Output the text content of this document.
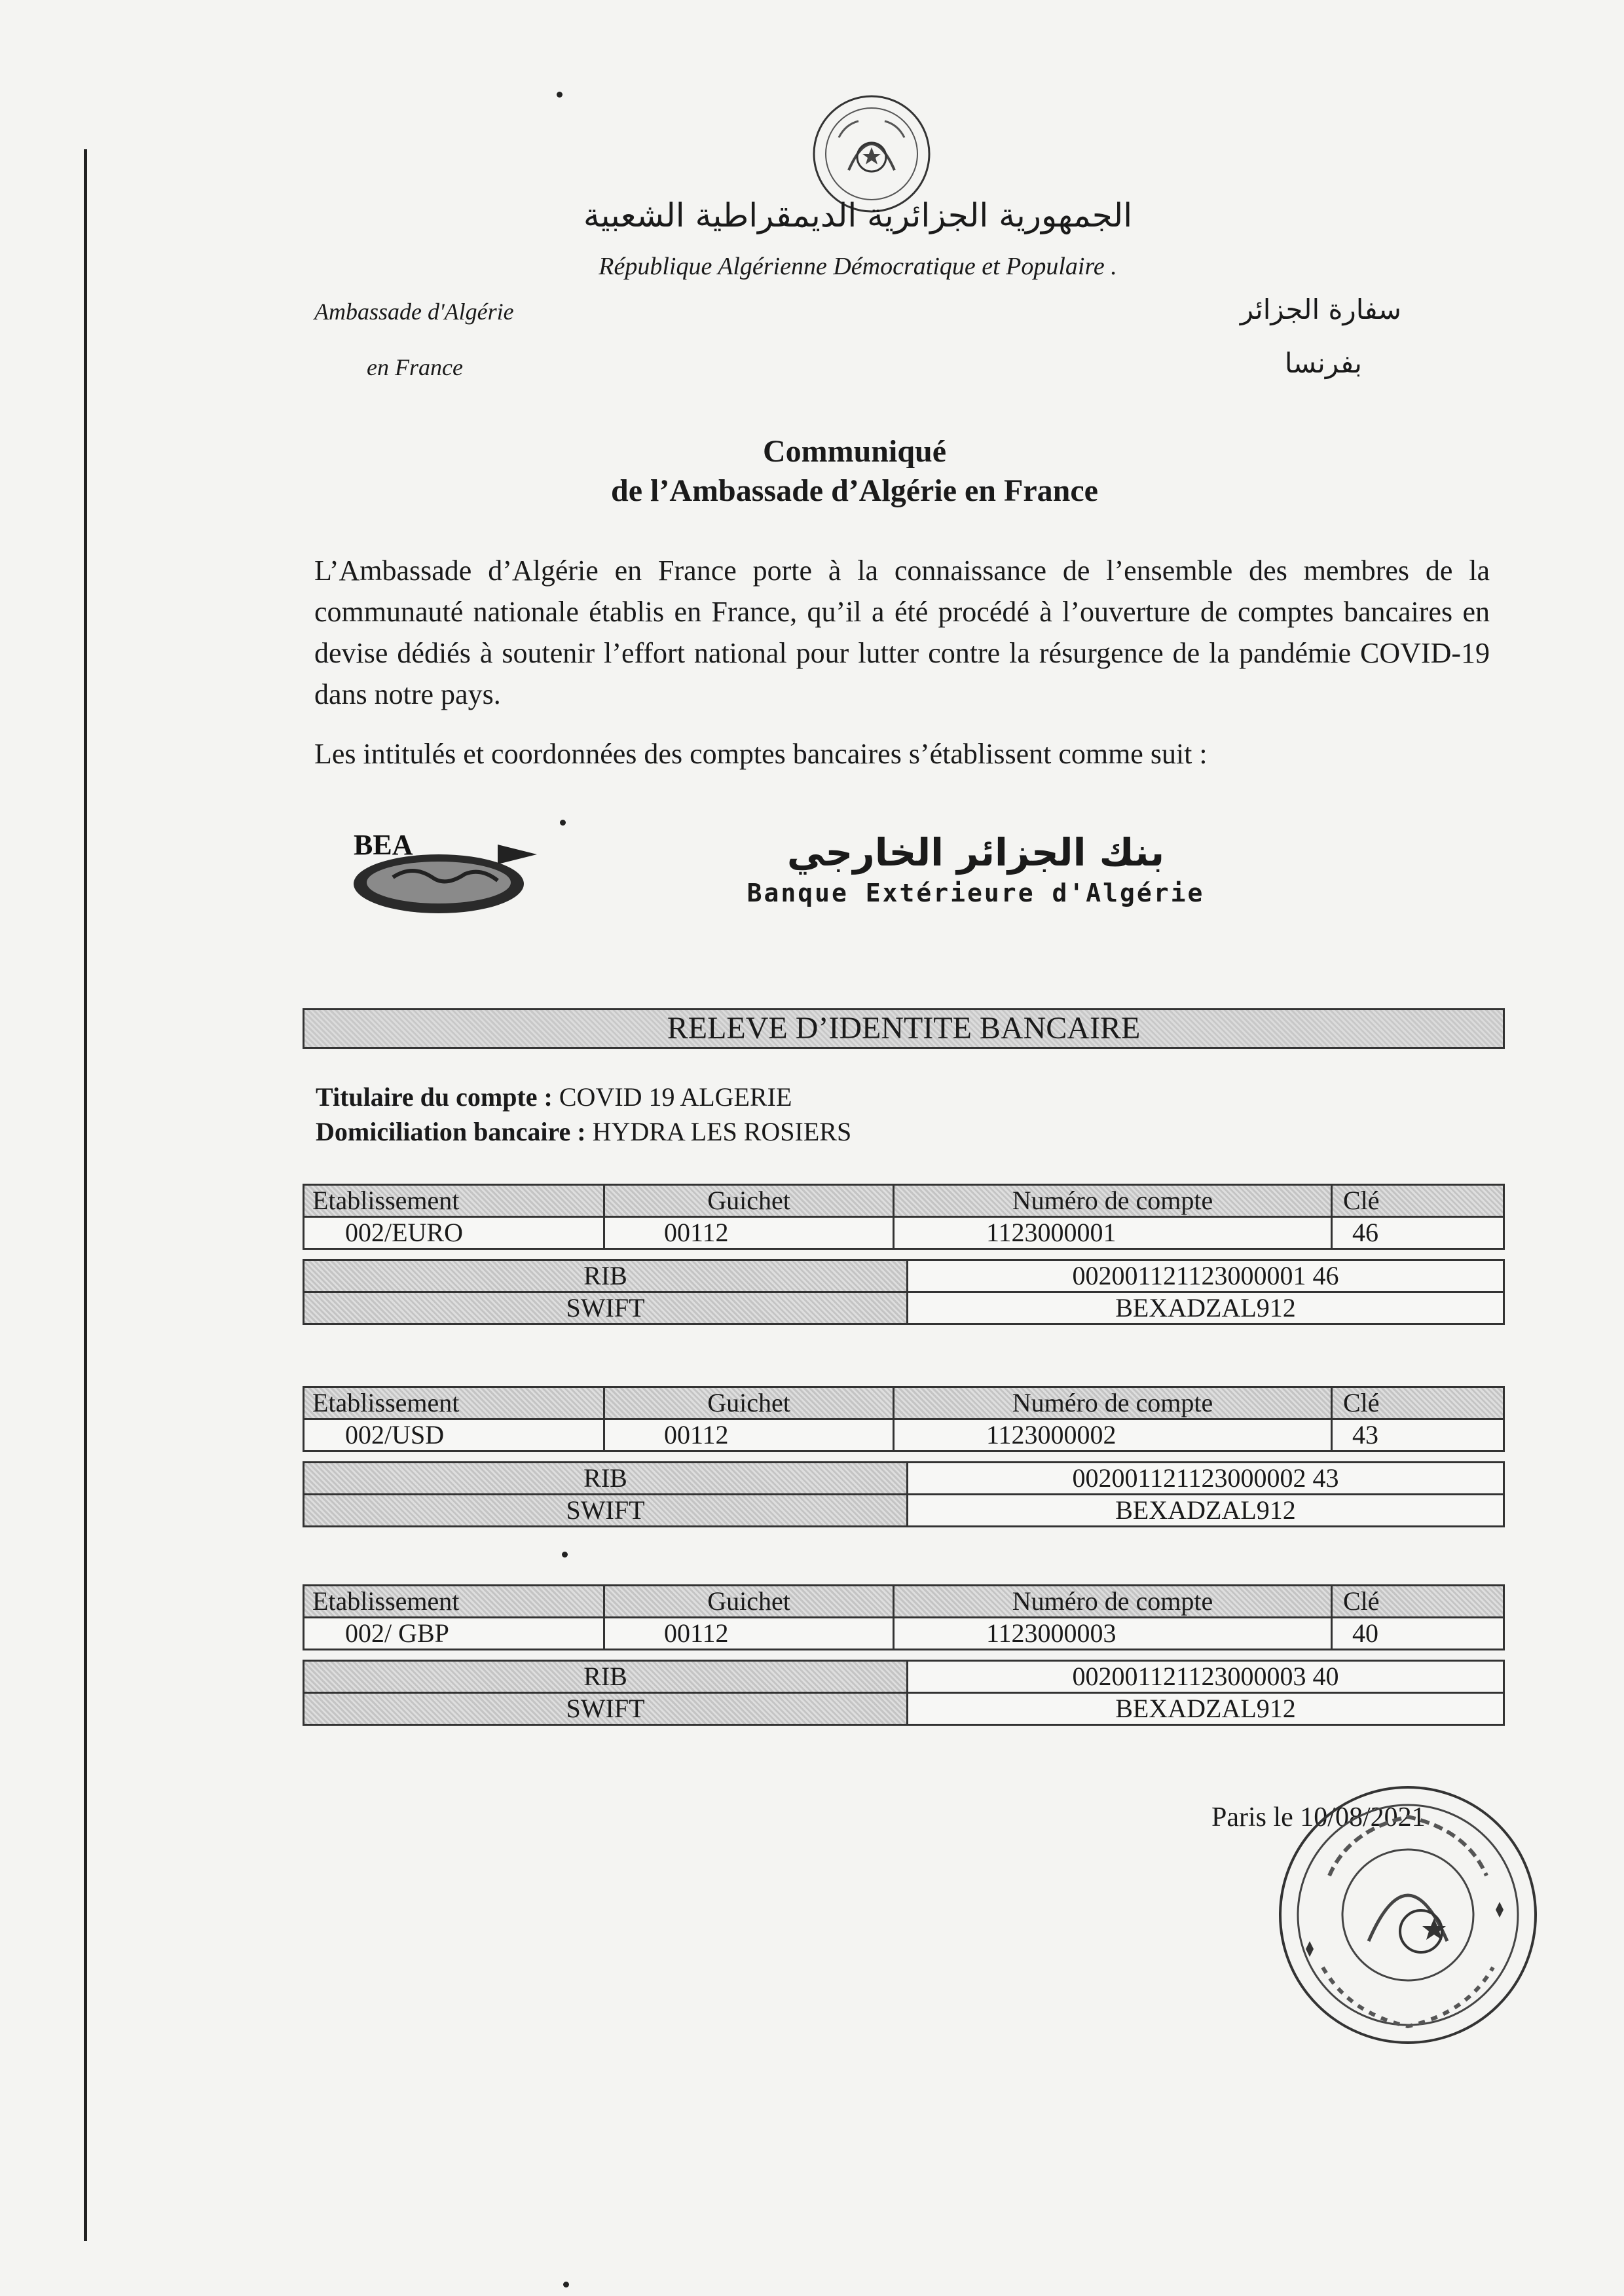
الجمهورية الجزائرية الديمقراطية الشعبية
République Algérienne Démocratique et Populaire .
Ambassade d'Algérie
en France
سفارة الجزائر
بفرنسا
Communiqué
de l’Ambassade d’Algérie en France
L’Ambassade d’Algérie en France porte à la connaissance de l’ensemble des membres de la communauté nationale établis en France, qu’il a été procédé à l’ouverture de comptes bancaires en devise dédiés à soutenir l’effort national pour lutter contre la résurgence de la pandémie COVID-19 dans notre pays.
Les intitulés et coordonnées des comptes bancaires s’établissent comme suit :
BEA	بنك الجزائر الخارجي
Banque Extérieure d'Algérie
RELEVE D’IDENTITE BANCAIRE
Titulaire du compte : COVID 19 ALGERIE
Domiciliation bancaire : HYDRA LES ROSIERS
Etablissement	Guichet	Numéro de compte	Clé
002/EURO	00112	1123000001	46
RIB	002001121123000001 46
SWIFT	BEXADZAL912
Etablissement	Guichet	Numéro de compte	Clé
002/USD	00112	1123000002	43
RIB	002001121123000002 43
SWIFT	BEXADZAL912
Etablissement	Guichet	Numéro de compte	Clé
002/ GBP	00112	1123000003	40
RIB	002001121123000003 40
SWIFT	BEXADZAL912
Paris le 10/08/2021
